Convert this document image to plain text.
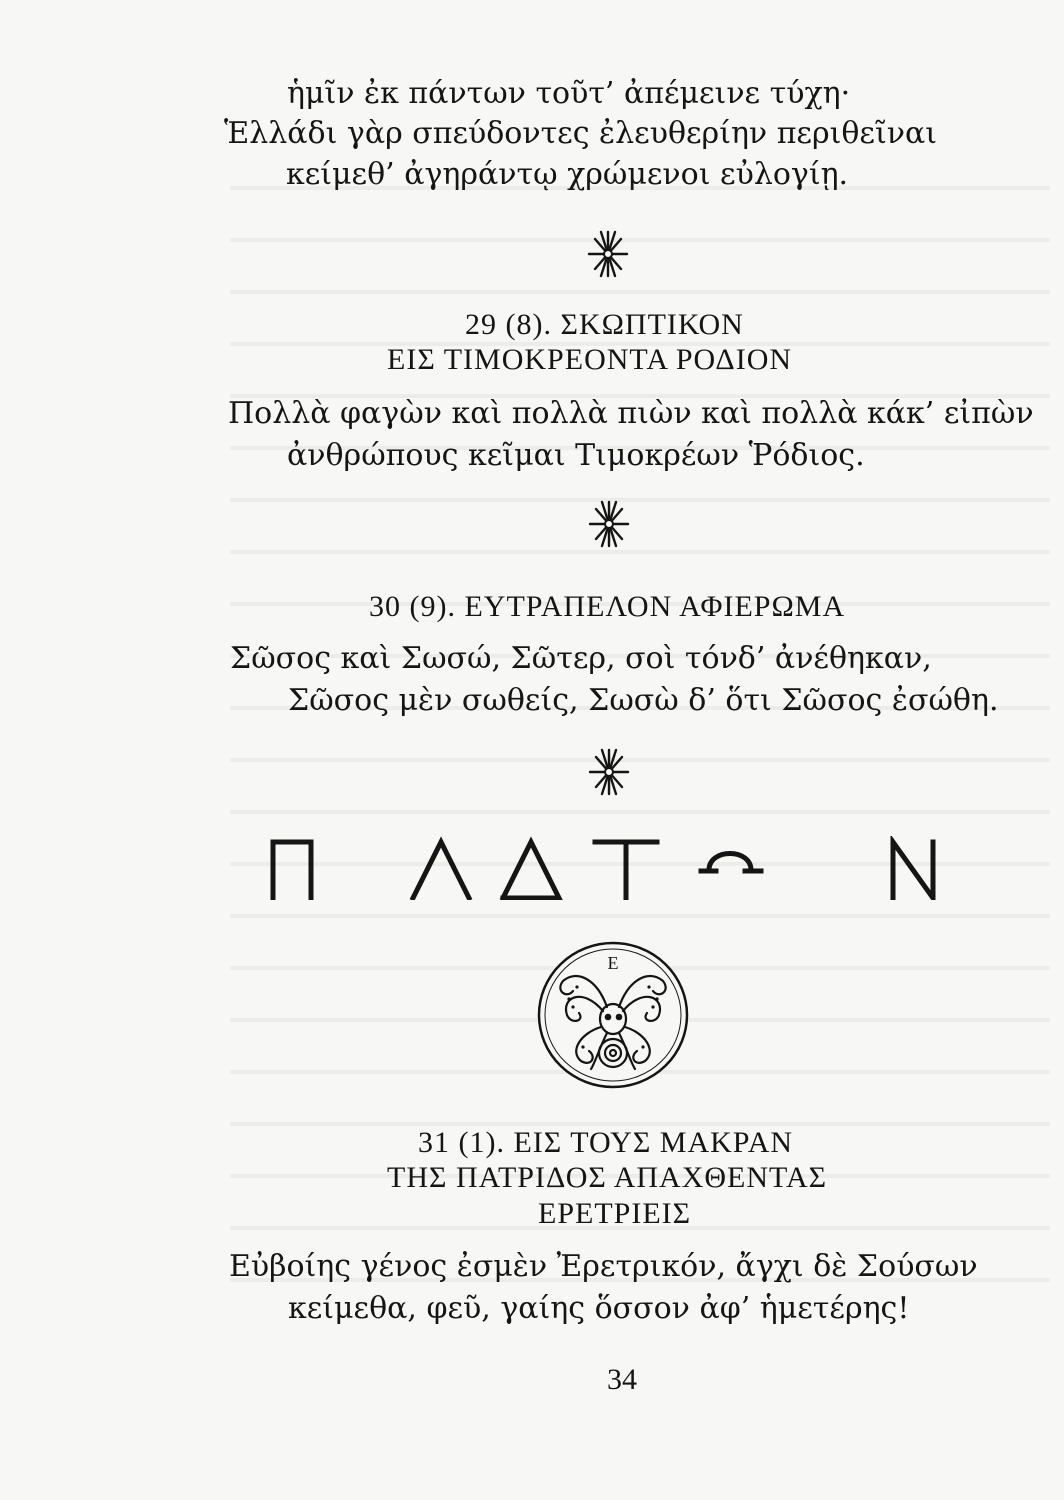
ἡμῖν ἐκ πάντων τοῦτ’ ἀπέμεινε τύχη·
Ἑλλάδι γὰρ σπεύδοντες ἐλευθερίην περιθεῖναι
κείμεθ’ ἀγηράντῳ χρώμενοι εὐλογίῃ.
29 (8). ΣΚΩΠΤΙΚΟΝ
ΕΙΣ ΤΙΜΟΚΡΕΟΝΤΑ ΡΟΔΙΟΝ
Πολλὰ φαγὼν καὶ πολλὰ πιὼν καὶ πολλὰ κάκ’ εἰπὼν
ἀνθρώπους κεῖμαι Τιμοκρέων Ῥόδιος.
30 (9). ΕΥΤΡΑΠΕΛΟΝ ΑΦΙΕΡΩΜΑ
Σῶσος καὶ Σωσώ, Σῶτερ, σοὶ τόνδ’ ἀνέθηκαν,
Σῶσος μὲν σωθείς, Σωσὼ δ’ ὅτι Σῶσος ἐσώθη.
Ε
31 (1). ΕΙΣ ΤΟΥΣ ΜΑΚΡΑΝ
ΤΗΣ ΠΑΤΡΙΔΟΣ ΑΠΑΧΘΕΝΤΑΣ
ΕΡΕΤΡΙΕΙΣ
Εὐβοίης γένος ἐσμὲν Ἐρετρικόν, ἄγχι δὲ Σούσων
κείμεθα, φεῦ, γαίης ὅσσον ἀφ’ ἡμετέρης!
34
